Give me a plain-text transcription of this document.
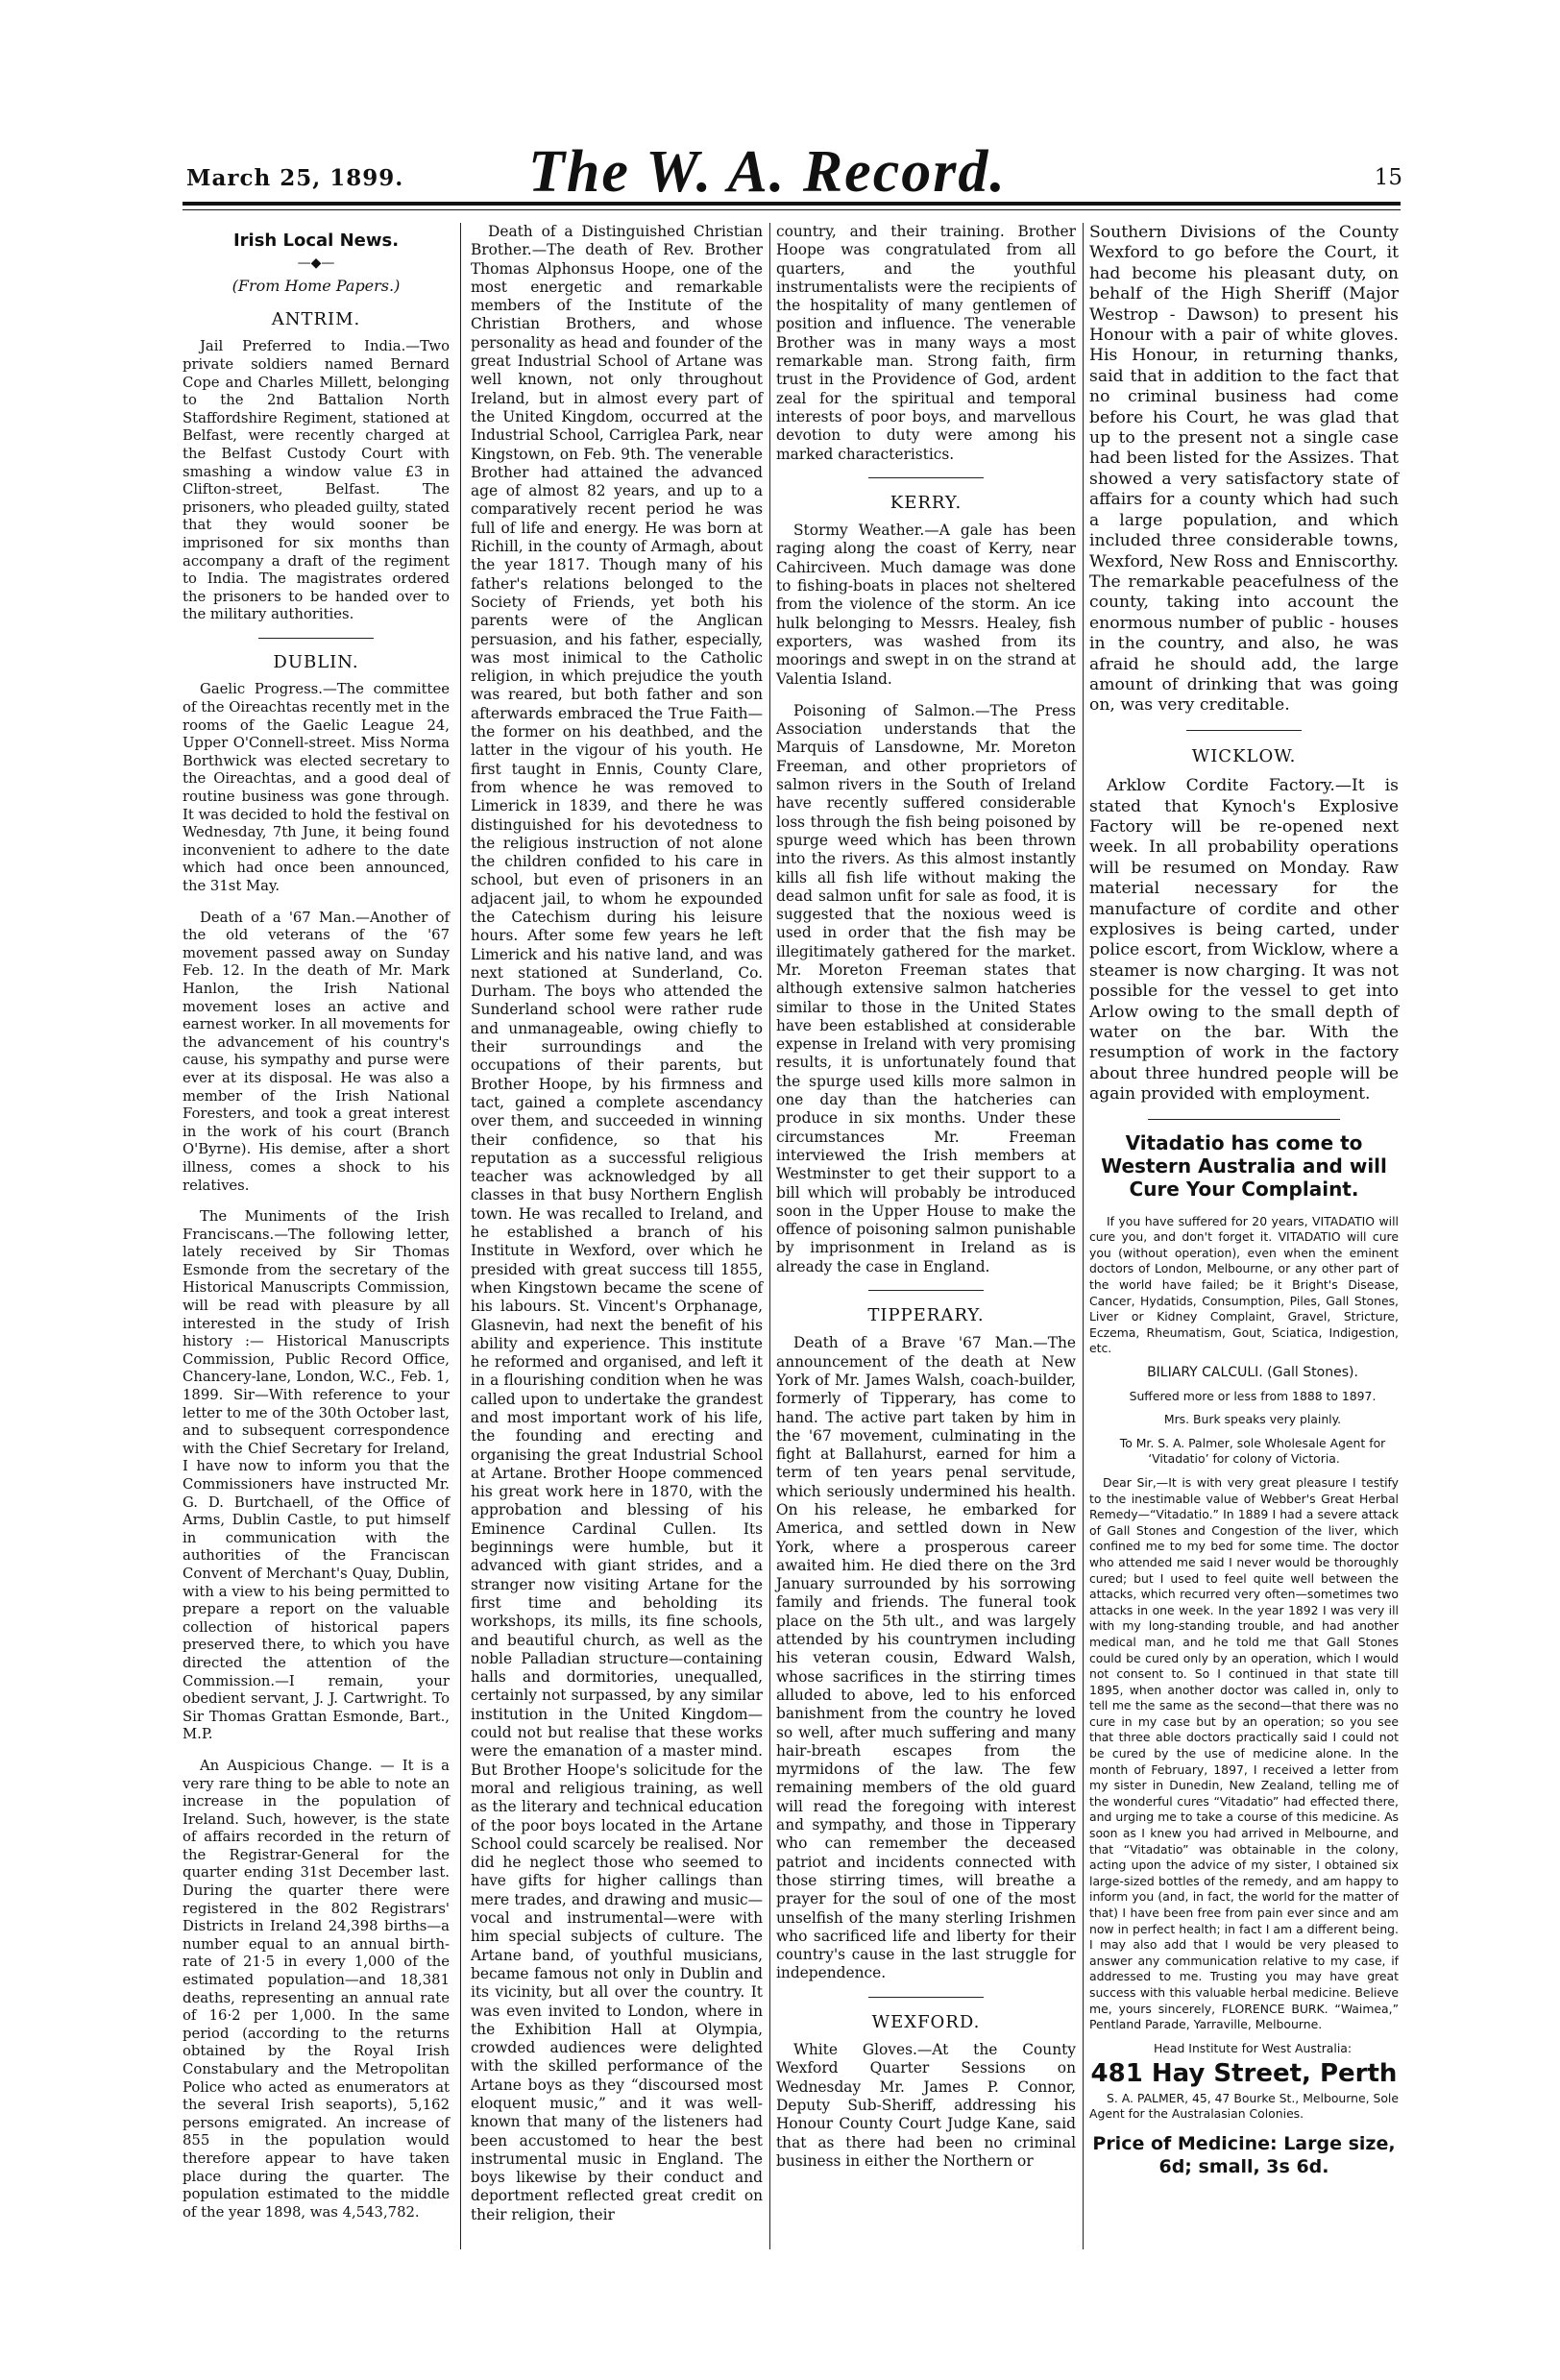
March 25, 1899. The W. A. Record.	15
Irish Local News.
—◆—
(From Home Papers.)
ANTRIM.

Jail Preferred to India.—Two private soldiers named Bernard Cope and Charles Millett, belonging to the 2nd Battalion North Staffordshire Regiment, stationed at Belfast, were recently charged at the Belfast Custody Court with smashing a window value £3 in Clifton-street, Belfast. The prisoners, who pleaded guilty, stated that they would sooner be imprisoned for six months than accompany a draft of the regiment to India. The magistrates ordered the prisoners to be handed over to the military authorities.

DUBLIN.

Gaelic Progress.—The committee of the Oireachtas recently met in the rooms of the Gaelic League 24, Upper O'Connell-street. Miss Norma Borthwick was elected secretary to the Oireachtas, and a good deal of routine business was gone through. It was decided to hold the festival on Wednesday, 7th June, it being found inconvenient to adhere to the date which had once been announced, the 31st May.

Death of a '67 Man.—Another of the old veterans of the '67 movement passed away on Sunday Feb. 12. In the death of Mr. Mark Hanlon, the Irish National movement loses an active and earnest worker. In all movements for the advancement of his country's cause, his sympathy and purse were ever at its disposal. He was also a member of the Irish National Foresters, and took a great interest in the work of his court (Branch O'Byrne). His demise, after a short illness, comes a shock to his relatives.

The Muniments of the Irish Franciscans.—The following letter, lately received by Sir Thomas Esmonde from the secretary of the Historical Manuscripts Commission, will be read with pleasure by all interested in the study of Irish history :— Historical Manuscripts Commission, Public Record Office, Chancery-lane, London, W.C., Feb. 1, 1899. Sir—With reference to your letter to me of the 30th October last, and to subsequent correspondence with the Chief Secretary for Ireland, I have now to inform you that the Commissioners have instructed Mr. G. D. Burtchaell, of the Office of Arms, Dublin Castle, to put himself in communication with the authorities of the Franciscan Convent of Merchant's Quay, Dublin, with a view to his being permitted to prepare a report on the valuable collection of historical papers preserved there, to which you have directed the attention of the Commission.—I remain, your obedient servant, J. J. Cartwright. To Sir Thomas Grattan Esmonde, Bart., M.P.

An Auspicious Change. — It is a very rare thing to be able to note an increase in the population of Ireland. Such, however, is the state of affairs recorded in the return of the Registrar-General for the quarter ending 31st December last. During the quarter there were registered in the 802 Registrars' Districts in Ireland 24,398 births—a number equal to an annual birth-rate of 21·5 in every 1,000 of the estimated population—and 18,381 deaths, representing an annual rate of 16·2 per 1,000. In the same period (according to the returns obtained by the Royal Irish Constabulary and the Metropolitan Police who acted as enumerators at the several Irish seaports), 5,162 persons emigrated. An increase of 855 in the population would therefore appear to have taken place during the quarter. The population estimated to the middle of the year 1898, was 4,543,782.

Death of a Distinguished Christian Brother.—The death of Rev. Brother Thomas Alphonsus Hoope, one of the most energetic and remarkable members of the Institute of the Christian Brothers, and whose personality as head and founder of the great Industrial School of Artane was well known, not only throughout Ireland, but in almost every part of the United Kingdom, occurred at the Industrial School, Carriglea Park, near Kingstown, on Feb. 9th. The venerable Brother had attained the advanced age of almost 82 years, and up to a comparatively recent period he was full of life and energy. He was born at Richill, in the county of Armagh, about the year 1817. Though many of his father's relations belonged to the Society of Friends, yet both his parents were of the Anglican persuasion, and his father, especially, was most inimical to the Catholic religion, in which prejudice the youth was reared, but both father and son afterwards embraced the True Faith—the former on his deathbed, and the latter in the vigour of his youth. He first taught in Ennis, County Clare, from whence he was removed to Limerick in 1839, and there he was distinguished for his devotedness to the religious instruction of not alone the children confided to his care in school, but even of prisoners in an adjacent jail, to whom he expounded the Catechism during his leisure hours. After some few years he left Limerick and his native land, and was next stationed at Sunderland, Co. Durham. The boys who attended the Sunderland school were rather rude and unmanageable, owing chiefly to their surroundings and the occupations of their parents, but Brother Hoope, by his firmness and tact, gained a complete ascendancy over them, and succeeded in winning their confidence, so that his reputation as a successful religious teacher was acknowledged by all classes in that busy Northern English town. He was recalled to Ireland, and he established a branch of his Institute in Wexford, over which he presided with great success till 1855, when Kingstown became the scene of his labours. St. Vincent's Orphanage, Glasnevin, had next the benefit of his ability and experience. This institute he reformed and organised, and left it in a flourishing condition when he was called upon to undertake the grandest and most important work of his life, the founding and erecting and organising the great Industrial School at Artane. Brother Hoope commenced his great work here in 1870, with the approbation and blessing of his Eminence Cardinal Cullen. Its beginnings were humble, but it advanced with giant strides, and a stranger now visiting Artane for the first time and beholding its workshops, its mills, its fine schools, and beautiful church, as well as the noble Palladian structure—containing halls and dormitories, unequalled, certainly not surpassed, by any similar institution in the United Kingdom—could not but realise that these works were the emanation of a master mind. But Brother Hoope's solicitude for the moral and religious training, as well as the literary and technical education of the poor boys located in the Artane School could scarcely be realised. Nor did he neglect those who seemed to have gifts for higher callings than mere trades, and drawing and music—vocal and instrumental—were with him special subjects of culture. The Artane band, of youthful musicians, became famous not only in Dublin and its vicinity, but all over the country. It was even invited to London, where in the Exhibition Hall at Olympia, crowded audiences were delighted with the skilled performance of the Artane boys as they “discoursed most eloquent music,” and it was well-known that many of the listeners had been accustomed to hear the best instrumental music in England. The boys likewise by their conduct and deportment reflected great credit on their religion, their

country, and their training. Brother Hoope was congratulated from all quarters, and the youthful instrumentalists were the recipients of the hospitality of many gentlemen of position and influence. The venerable Brother was in many ways a most remarkable man. Strong faith, firm trust in the Providence of God, ardent zeal for the spiritual and temporal interests of poor boys, and marvellous devotion to duty were among his marked characteristics.

KERRY.

Stormy Weather.—A gale has been raging along the coast of Kerry, near Cahirciveen. Much damage was done to fishing-boats in places not sheltered from the violence of the storm. An ice hulk belonging to Messrs. Healey, fish exporters, was washed from its moorings and swept in on the strand at Valentia Island.

Poisoning of Salmon.—The Press Association understands that the Marquis of Lansdowne, Mr. Moreton Freeman, and other proprietors of salmon rivers in the South of Ireland have recently suffered considerable loss through the fish being poisoned by spurge weed which has been thrown into the rivers. As this almost instantly kills all fish life without making the dead salmon unfit for sale as food, it is suggested that the noxious weed is used in order that the fish may be illegitimately gathered for the market. Mr. Moreton Freeman states that although extensive salmon hatcheries similar to those in the United States have been established at considerable expense in Ireland with very promising results, it is unfortunately found that the spurge used kills more salmon in one day than the hatcheries can produce in six months. Under these circumstances Mr. Freeman interviewed the Irish members at Westminster to get their support to a bill which will probably be introduced soon in the Upper House to make the offence of poisoning salmon punishable by imprisonment in Ireland as is already the case in England.

TIPPERARY.

Death of a Brave '67 Man.—The announcement of the death at New York of Mr. James Walsh, coach-builder, formerly of Tipperary, has come to hand. The active part taken by him in the '67 movement, culminating in the fight at Ballahurst, earned for him a term of ten years penal servitude, which seriously undermined his health. On his release, he embarked for America, and settled down in New York, where a prosperous career awaited him. He died there on the 3rd January surrounded by his sorrowing family and friends. The funeral took place on the 5th ult., and was largely attended by his countrymen including his veteran cousin, Edward Walsh, whose sacrifices in the stirring times alluded to above, led to his enforced banishment from the country he loved so well, after much suffering and many hair-breath escapes from the myrmidons of the law. The few remaining members of the old guard will read the foregoing with interest and sympathy, and those in Tipperary who can remember the deceased patriot and incidents connected with those stirring times, will breathe a prayer for the soul of one of the most unselfish of the many sterling Irishmen who sacrificed life and liberty for their country's cause in the last struggle for independence.

WEXFORD.

White Gloves.—At the County Wexford Quarter Sessions on Wednesday Mr. James P. Connor, Deputy Sub-Sheriff, addressing his Honour County Court Judge Kane, said that as there had been no criminal business in either the Northern or

Southern Divisions of the County Wexford to go before the Court, it had become his pleasant duty, on behalf of the High Sheriff (Major Westrop - Dawson) to present his Honour with a pair of white gloves. His Honour, in returning thanks, said that in addition to the fact that no criminal business had come before his Court, he was glad that up to the present not a single case had been listed for the Assizes. That showed a very satisfactory state of affairs for a county which had such a large population, and which included three considerable towns, Wexford, New Ross and Enniscorthy. The remarkable peacefulness of the county, taking into account the enormous number of public - houses in the country, and also, he was afraid he should add, the large amount of drinking that was going on, was very creditable.

WICKLOW.

Arklow Cordite Factory.—It is stated that Kynoch's Explosive Factory will be re-opened next week. In all probability operations will be resumed on Monday. Raw material necessary for the manufacture of cordite and other explosives is being carted, under police escort, from Wicklow, where a steamer is now charging. It was not possible for the vessel to get into Arlow owing to the small depth of water on the bar. With the resumption of work in the factory about three hundred people will be again provided with employment.

Vitadatio has come to Western Australia and will Cure Your Complaint.

If you have suffered for 20 years, VITADATIO will cure you, and don't forget it. VITADATIO will cure you (without operation), even when the eminent doctors of London, Melbourne, or any other part of the world have failed; be it Bright's Disease, Cancer, Hydatids, Consumption, Piles, Gall Stones, Liver or Kidney Complaint, Gravel, Stricture, Eczema, Rheumatism, Gout, Sciatica, Indigestion, etc.

BILIARY CALCULI. (Gall Stones).

Suffered more or less from 1888 to 1897.

Mrs. Burk speaks very plainly.

To Mr. S. A. Palmer, sole Wholesale Agent for ‘Vitadatio’ for colony of Victoria.

Dear Sir,—It is with very great pleasure I testify to the inestimable value of Webber's Great Herbal Remedy—“Vitadatio.” In 1889 I had a severe attack of Gall Stones and Congestion of the liver, which confined me to my bed for some time. The doctor who attended me said I never would be thoroughly cured; but I used to feel quite well between the attacks, which recurred very often—sometimes two attacks in one week. In the year 1892 I was very ill with my long-standing trouble, and had another medical man, and he told me that Gall Stones could be cured only by an operation, which I would not consent to. So I continued in that state till 1895, when another doctor was called in, only to tell me the same as the second—that there was no cure in my case but by an operation; so you see that three able doctors practically said I could not be cured by the use of medicine alone. In the month of February, 1897, I received a letter from my sister in Dunedin, New Zealand, telling me of the wonderful cures “Vitadatio” had effected there, and urging me to take a course of this medicine. As soon as I knew you had arrived in Melbourne, and that “Vitadatio” was obtainable in the colony, acting upon the advice of my sister, I obtained six large-sized bottles of the remedy, and am happy to inform you (and, in fact, the world for the matter of that) I have been free from pain ever since and am now in perfect health; in fact I am a different being. I may also add that I would be very pleased to answer any communication relative to my case, if addressed to me. Trusting you may have great success with this valuable herbal medicine. Believe me, yours sincerely, FLORENCE BURK. “Waimea,” Pentland Parade, Yarraville, Melbourne.

Head Institute for West Australia:

481 Hay Street, Perth

S. A. PALMER, 45, 47 Bourke St., Melbourne, Sole Agent for the Australasian Colonies.

Price of Medicine: Large size, 6d; small, 3s 6d.
